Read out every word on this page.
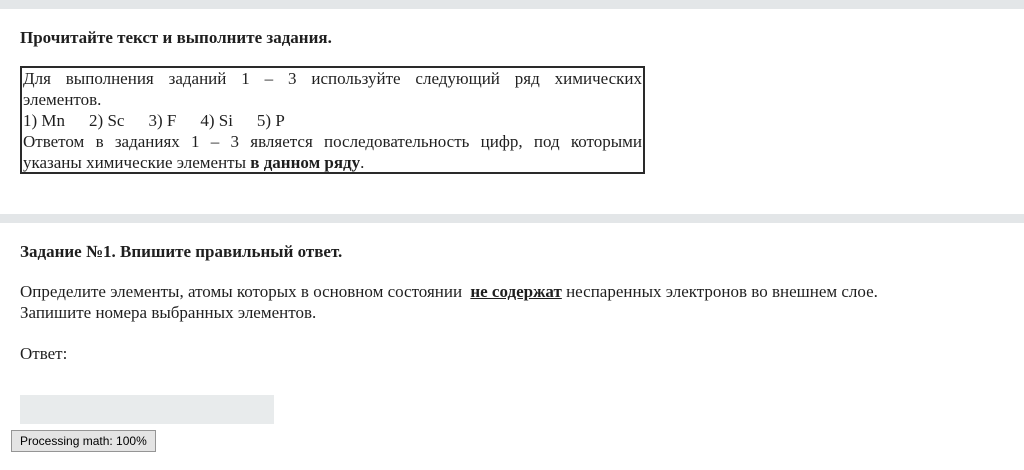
Прочитайте текст и выполните задания.
Для выполнения заданий 1 – 3 используйте следующий ряд химических
элементов.
1) Mn 2) Sc 3) F 4) Si 5) P
Ответом в заданиях 1 – 3 является последовательность цифр, под которыми
указаны химические элементы в данном ряду.
Задание №1. Впишите правильный ответ.
Определите элементы, атомы которых в основном состоянии не содержат неспаренных электронов во внешнем слое.
Запишите номера выбранных элементов.
Ответ:
Processing math: 100%
